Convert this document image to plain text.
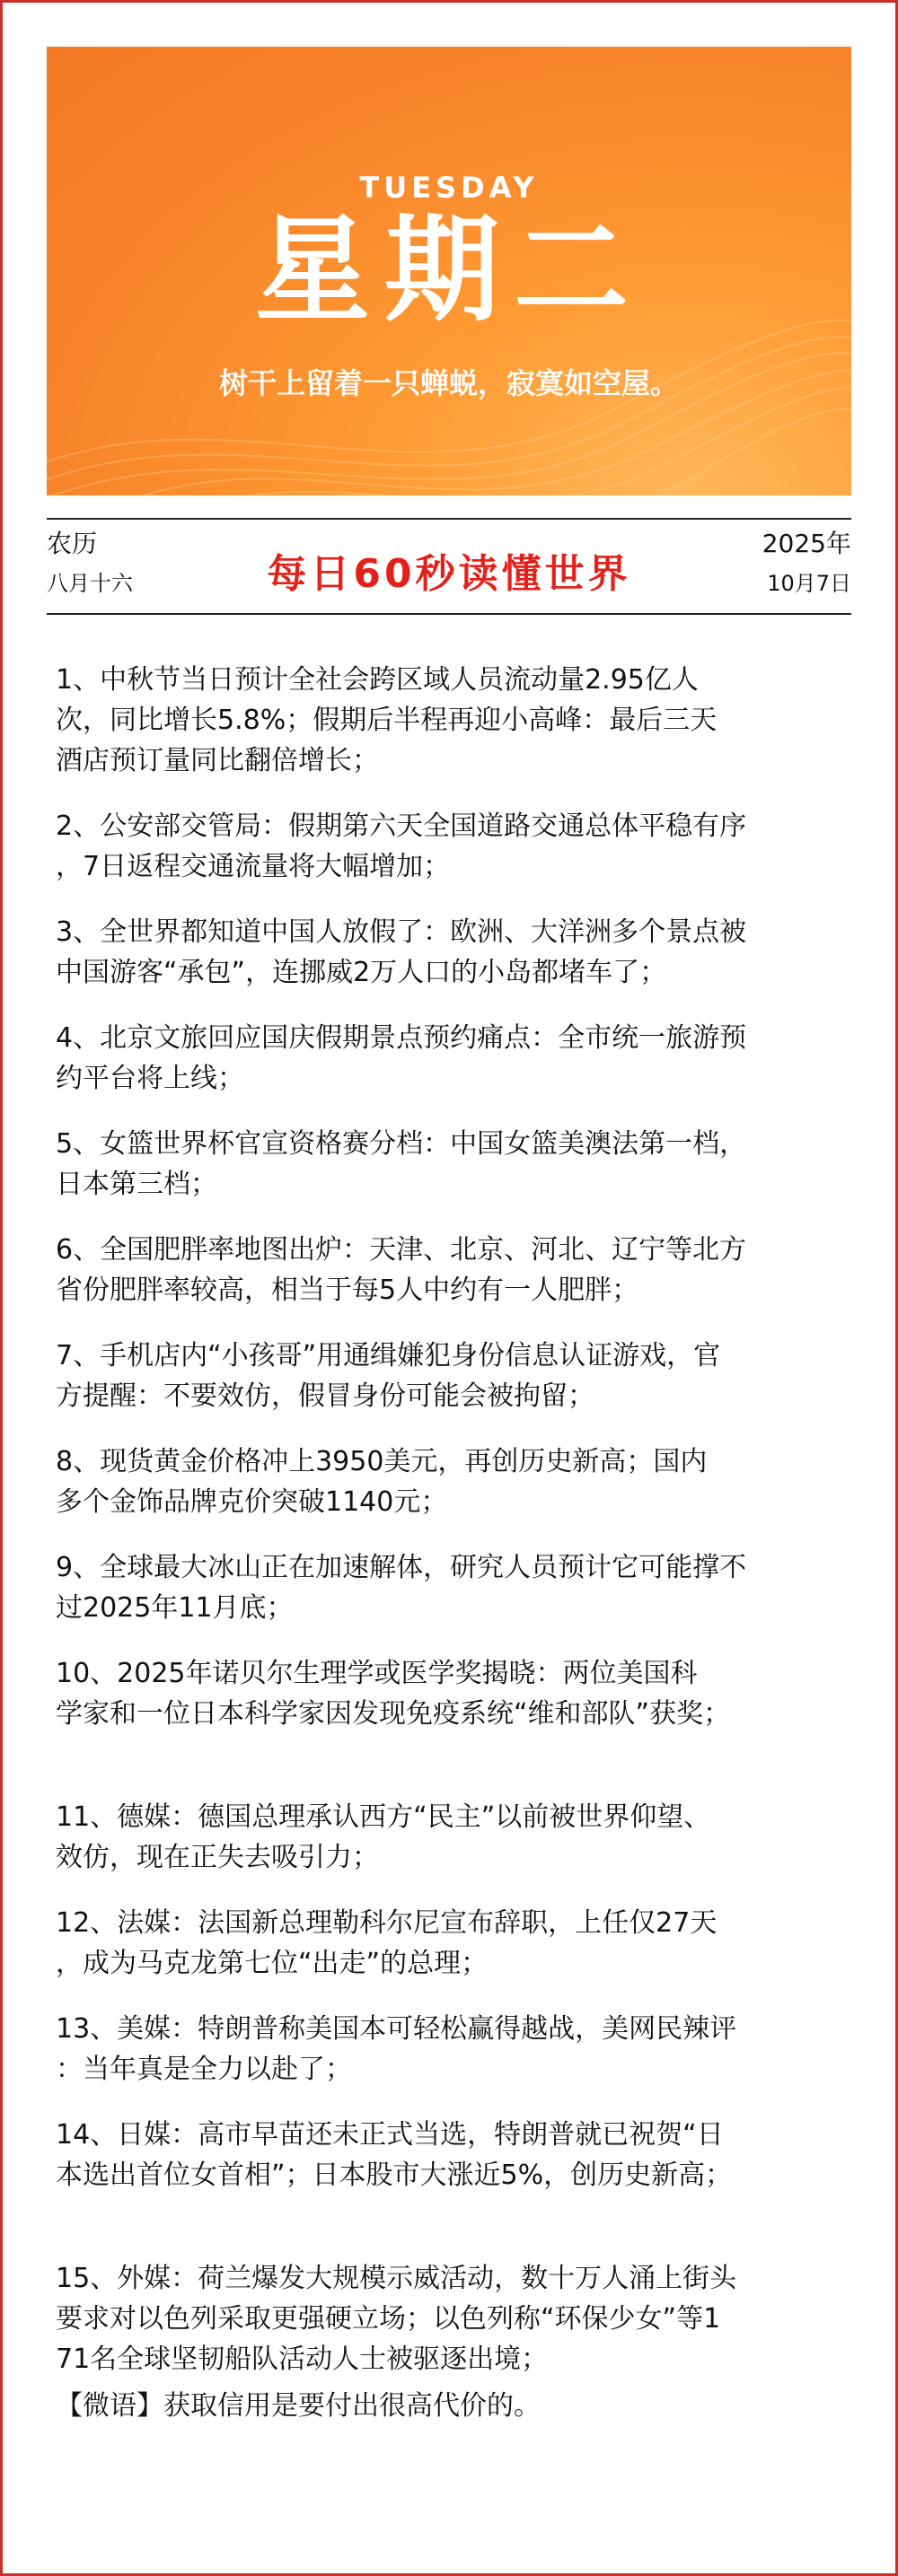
TUESDAY
星期二
树干上留着一只蝉蜕，寂寞如空屋。
农历
八月十六	每日60秒读懂世界
2025年
10月7日

1、中秋节当日预计全社会跨区域人员流动量2.95亿人
次，同比增长5.8%；假期后半程再迎小高峰：最后三天
酒店预订量同比翻倍增长；

2、公安部交管局：假期第六天全国道路交通总体平稳有序
，7日返程交通流量将大幅增加；

3、全世界都知道中国人放假了：欧洲、大洋洲多个景点被
中国游客“承包”，连挪威2万人口的小岛都堵车了；

4、北京文旅回应国庆假期景点预约痛点：全市统一旅游预
约平台将上线；

5、女篮世界杯官宣资格赛分档：中国女篮美澳法第一档，
日本第三档；

6、全国肥胖率地图出炉：天津、北京、河北、辽宁等北方
省份肥胖率较高，相当于每5人中约有一人肥胖；

7、手机店内“小孩哥”用通缉嫌犯身份信息认证游戏，官
方提醒：不要效仿，假冒身份可能会被拘留；

8、现货黄金价格冲上3950美元，再创历史新高；国内
多个金饰品牌克价突破1140元；

9、全球最大冰山正在加速解体，研究人员预计它可能撑不
过2025年11月底；

10、2025年诺贝尔生理学或医学奖揭晓：两位美国科
学家和一位日本科学家因发现免疫系统“维和部队”获奖；

11、德媒：德国总理承认西方“民主”以前被世界仰望、
效仿，现在正失去吸引力；

12、法媒：法国新总理勒科尔尼宣布辞职，上任仅27天
，成为马克龙第七位“出走”的总理；

13、美媒：特朗普称美国本可轻松赢得越战，美网民辣评
：当年真是全力以赴了；

14、日媒：高市早苗还未正式当选，特朗普就已祝贺“日
本选出首位女首相”；日本股市大涨近5%，创历史新高；

15、外媒：荷兰爆发大规模示威活动，数十万人涌上街头
要求对以色列采取更强硬立场；以色列称“环保少女”等1
71名全球坚韧船队活动人士被驱逐出境；

【微语】获取信用是要付出很高代价的。
